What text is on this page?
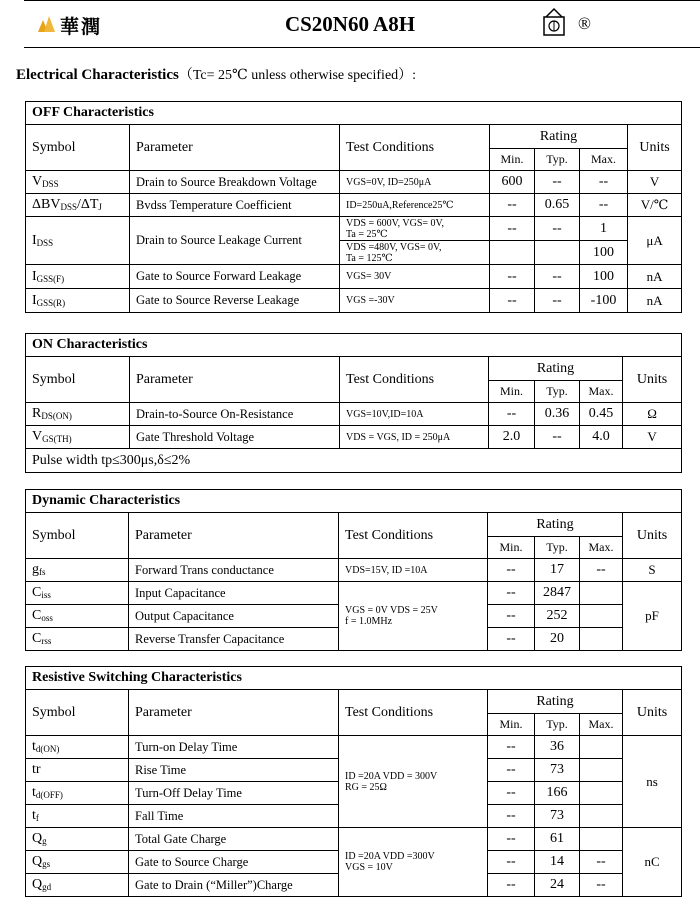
華潤	CS20N60 A8H	®
Electrical Characteristics（Tc= 25℃ unless otherwise specified）:
OFF Characteristics						
Symbol	Parameter	Test Conditions	Rating			Units
			Min.	Typ.	Max.	
$V_{DSS}$	Drain to Source Breakdown Voltage	VGS=0V, ID=250μA	600	--	--	V
$\Delta BV_{DSS}/\Delta T_J$	Bvdss Temperature Coefficient	ID=250uA,Reference25℃	--	0.65	--	V/℃
$I_{DSS}$	Drain to Source Leakage Current	VDS = 600V, VGS= 0V,
Ta = 25℃	--	--	1	μA
		VDS =480V, VGS= 0V,
Ta = 125℃			100	
$I_{GSS(F)}$	Gate to Source Forward Leakage	VGS= 30V	--	--	100	nA
$I_{GSS(R)}$	Gate to Source Reverse Leakage	VGS =-30V	--	--	-100	nA
ON Characteristics						
Symbol	Parameter	Test Conditions	Rating			Units
			Min.	Typ.	Max.	
$R_{DS(ON)}$	Drain-to-Source On-Resistance	VGS=10V,ID=10A	--	0.36	0.45	Ω
$V_{GS(TH)}$	Gate Threshold Voltage	VDS = VGS, ID = 250μA	2.0	--	4.0	V
Pulse width tp≤300μs,δ≤2%						
Dynamic Characteristics						
Symbol	Parameter	Test Conditions	Rating			Units
			Min.	Typ.	Max.	
$g_{fs}$	Forward Trans conductance	VDS=15V, ID =10A	--	17	--	S
$C_{iss}$	Input Capacitance	VGS = 0V VDS = 25V
f = 1.0MHz	--	2847		pF
$C_{oss}$	Output Capacitance		--	252		
$C_{rss}$	Reverse Transfer Capacitance		--	20		
Resistive Switching Characteristics						
Symbol	Parameter	Test Conditions	Rating			Units
			Min.	Typ.	Max.	
$t_{d(ON)}$	Turn-on Delay Time	ID =20A VDD = 300V
RG = 25Ω	--	36		ns
tr	Rise Time		--	73		
$t_{d(OFF)}$	Turn-Off Delay Time		--	166		
$t_f$	Fall Time		--	73		
$Q_g$	Total Gate Charge	ID =20A VDD =300V
VGS = 10V	--	61		nC
$Q_{gs}$	Gate to Source Charge		--	14	--	
$Q_{gd}$	Gate to Drain (“Miller”)Charge		--	24	--	
